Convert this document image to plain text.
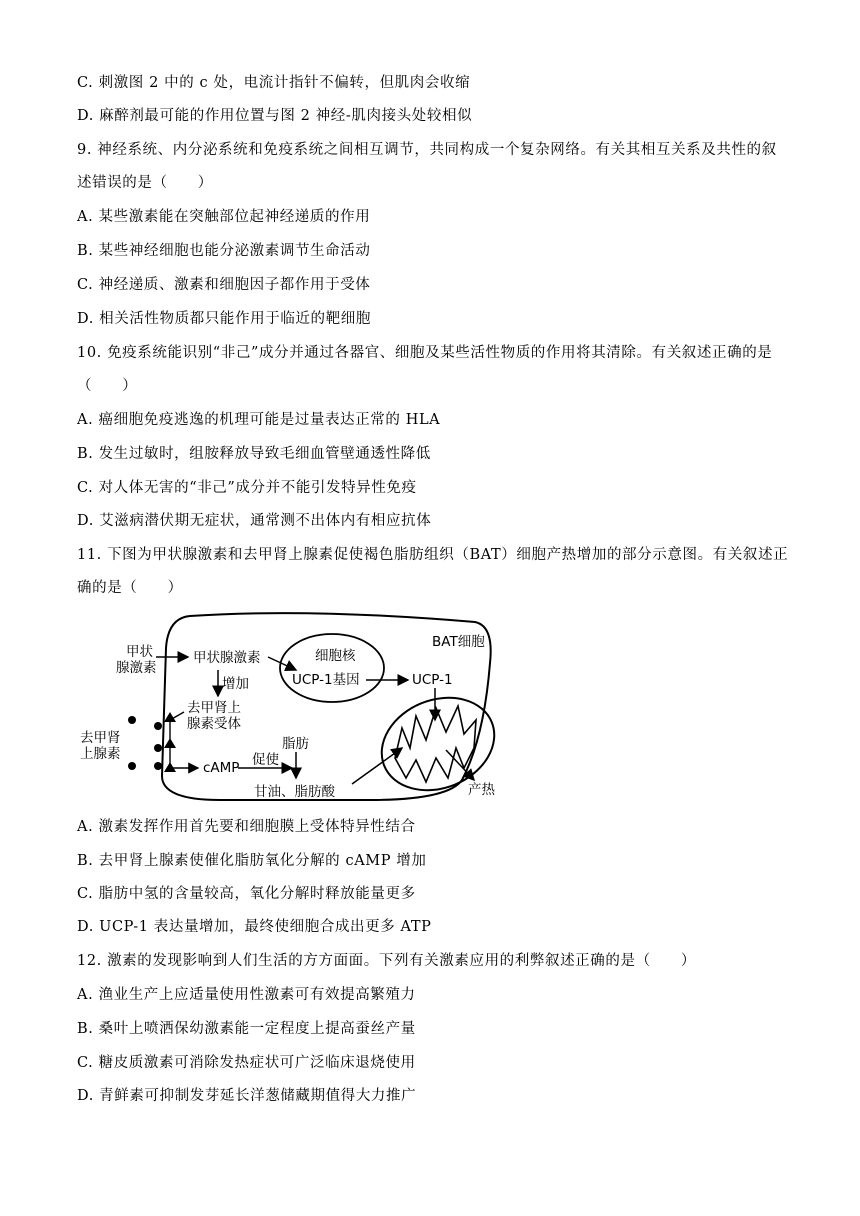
C. 刺激图 2 中的 c 处，电流计指针不偏转，但肌肉会收缩
D. 麻醉剂最可能的作用位置与图 2 神经-肌肉接头处较相似
9. 神经系统、内分泌系统和免疫系统之间相互调节，共同构成一个复杂网络。有关其相互关系及共性的叙
述错误的是（　　）
A. 某些激素能在突触部位起神经递质的作用
B. 某些神经细胞也能分泌激素调节生命活动
C. 神经递质、激素和细胞因子都作用于受体
D. 相关活性物质都只能作用于临近的靶细胞
10. 免疫系统能识别“非己”成分并通过各器官、细胞及某些活性物质的作用将其清除。有关叙述正确的是
（　　）
A. 癌细胞免疫逃逸的机理可能是过量表达正常的 HLA
B. 发生过敏时，组胺释放导致毛细血管壁通透性降低
C. 对人体无害的“非己”成分并不能引发特异性免疫
D. 艾滋病潜伏期无症状，通常测不出体内有相应抗体
11. 下图为甲状腺激素和去甲肾上腺素促使褐色脂肪组织（BAT）细胞产热增加的部分示意图。有关叙述正
确的是（　　）
BAT细胞
甲状
腺激素
甲状腺激素	细胞核
UCP-1基因	UCP-1
增加
去甲肾上
腺素受体
去甲肾
上腺素
脂肪
促使
cAMP
甘油、脂肪酸	产热
A. 激素发挥作用首先要和细胞膜上受体特异性结合
B. 去甲肾上腺素使催化脂肪氧化分解的 cAMP 增加
C. 脂肪中氢的含量较高，氧化分解时释放能量更多
D. UCP-1 表达量增加，最终使细胞合成出更多 ATP
12. 激素的发现影响到人们生活的方方面面。下列有关激素应用的利弊叙述正确的是（　　）
A. 渔业生产上应适量使用性激素可有效提高繁殖力
B. 桑叶上喷洒保幼激素能一定程度上提高蚕丝产量
C. 糖皮质激素可消除发热症状可广泛临床退烧使用
D. 青鲜素可抑制发芽延长洋葱储藏期值得大力推广
